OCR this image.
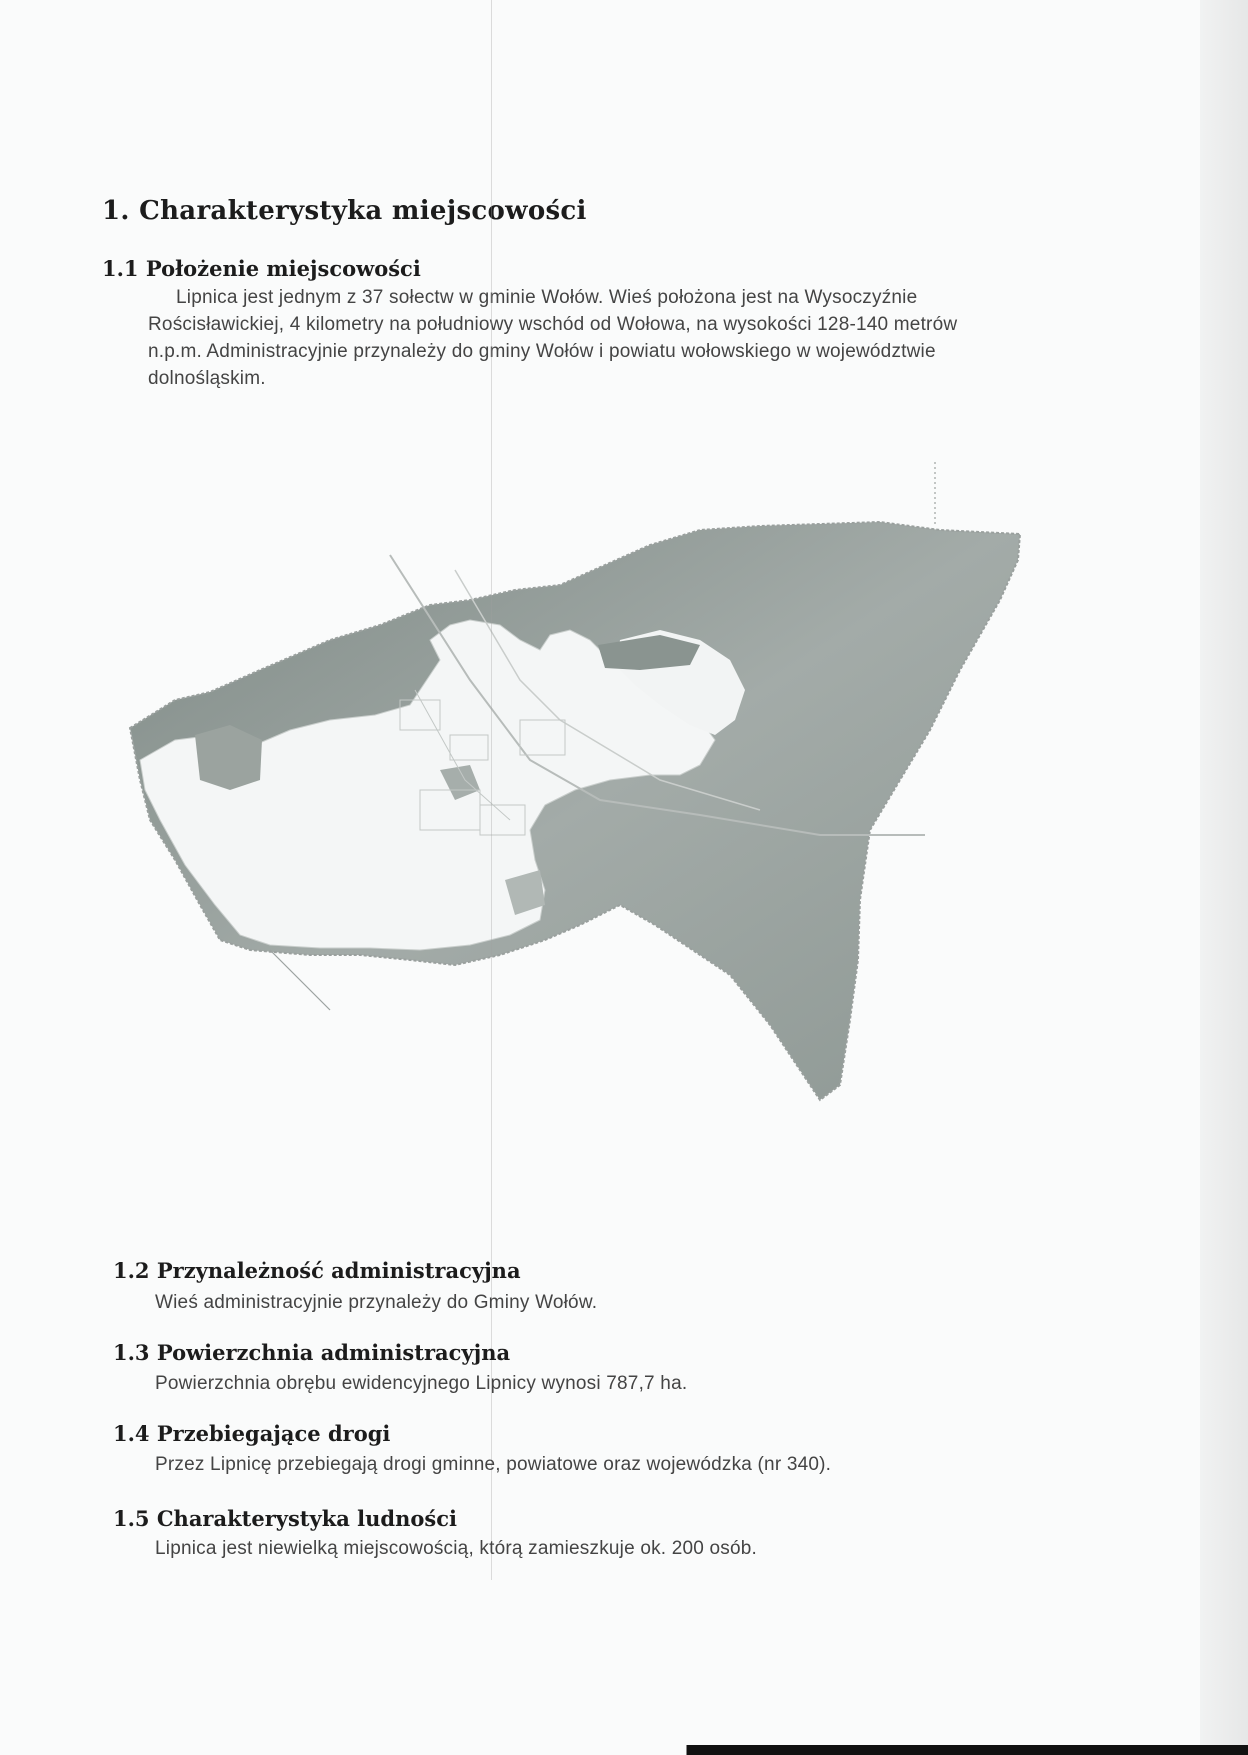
1. Charakterystyka miejscowości
1.1 Położenie miejscowości

Lipnica jest jednym z 37 sołectw w gminie Wołów. Wieś położona jest na Wysoczyźnie Rościsławickiej, 4 kilometry na południowy wschód od Wołowa, na wysokości 128-140 metrów n.p.m. Administracyjnie przynależy do gminy Wołów i powiatu wołowskiego w województwie dolnośląskim.

1.2 Przynależność administracyjna

Wieś administracyjnie przynależy do Gminy Wołów.

1.3 Powierzchnia administracyjna

Powierzchnia obrębu ewidencyjnego Lipnicy wynosi 787,7 ha.

1.4 Przebiegające drogi

Przez Lipnicę przebiegają drogi gminne, powiatowe oraz wojewódzka (nr 340).

1.5 Charakterystyka ludności

Lipnica jest niewielką miejscowością, którą zamieszkuje ok. 200 osób.
